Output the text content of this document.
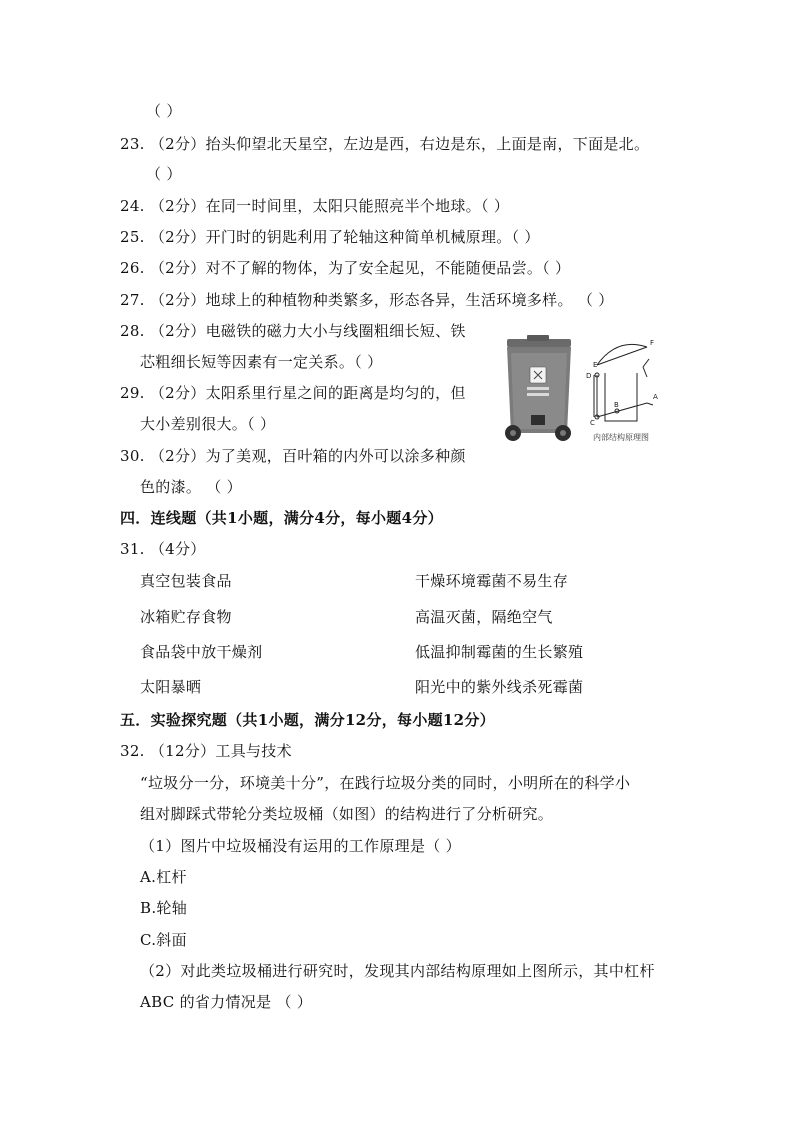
（ ）
23. （2分）抬头仰望北天星空，左边是西，右边是东，上面是南，下面是北。
（ ）
24. （2分）在同一时间里，太阳只能照亮半个地球。（ ）
25. （2分）开门时的钥匙利用了轮轴这种简单机械原理。（ ）
26. （2分）对不了解的物体，为了安全起见，不能随便品尝。（ ）
27. （2分）地球上的种植物种类繁多，形态各异，生活环境多样。 （ ）
28. （2分）电磁铁的磁力大小与线圈粗细长短、铁
芯粗细长短等因素有一定关系。（ ）
29. （2分）太阳系里行星之间的距离是均匀的，但
大小差别很大。（ ）
30. （2分）为了美观，百叶箱的内外可以涂多种颜
色的漆。 （ ）
四．连线题（共1小题，满分4分，每小题4分）
31. （4分）
真空包装食品	干燥环境霉菌不易生存
冰箱贮存食物	高温灭菌，隔绝空气
食品袋中放干燥剂	低温抑制霉菌的生长繁殖
太阳暴晒	阳光中的紫外线杀死霉菌
五．实验探究题（共1小题，满分12分，每小题12分）
32. （12分）工具与技术
“垃圾分一分，环境美十分”，在践行垃圾分类的同时，小明所在的科学小
组对脚踩式带轮分类垃圾桶（如图）的结构进行了分析研究。
（1）图片中垃圾桶没有运用的工作原理是（ ）
A.杠杆
B.轮轴
C.斜面
（2）对此类垃圾桶进行研究时，发现其内部结构原理如上图所示，其中杠杆
ABC 的省力情况是 （ ）
E
F
D
A
B
C
内部结构原理图
